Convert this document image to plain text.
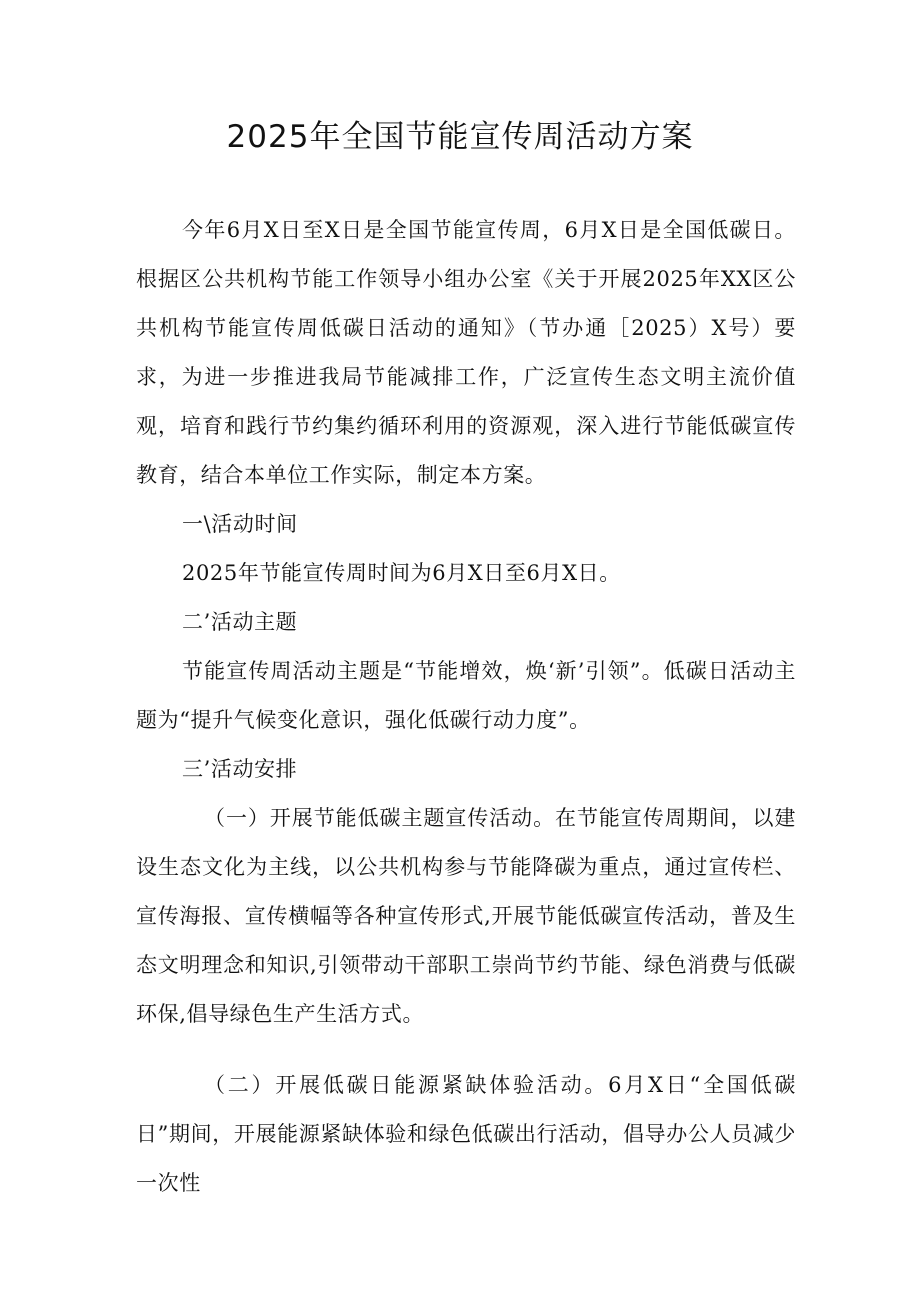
2025年全国节能宣传周活动方案

今年6月X日至X日是全国节能宣传周，6月X日是全国低碳日。根据区公共机构节能工作领导小组办公室《关于开展2025年XX区公共机构节能宣传周低碳日活动的通知》（节办通［2025）X号）要求，为进一步推进我局节能减排工作，广泛宣传生态文明主流价值观，培育和践行节约集约循环利用的资源观，深入进行节能低碳宣传教育，结合本单位工作实际，制定本方案。

一\活动时间

2025年节能宣传周时间为6月X日至6月X日。

二’活动主题

节能宣传周活动主题是“节能增效，焕‘新’引领”。低碳日活动主题为“提升气候变化意识，强化低碳行动力度”。

三’活动安排

（一）开展节能低碳主题宣传活动。在节能宣传周期间，以建设生态文化为主线，以公共机构参与节能降碳为重点，通过宣传栏、宣传海报、宣传横幅等各种宣传形式,开展节能低碳宣传活动，普及生态文明理念和知识,引领带动干部职工崇尚节约节能、绿色消费与低碳环保,倡导绿色生产生活方式。

（二）开展低碳日能源紧缺体验活动。6月X日“全国低碳日”期间，开展能源紧缺体验和绿色低碳出行活动，倡导办公人员减少一次性
